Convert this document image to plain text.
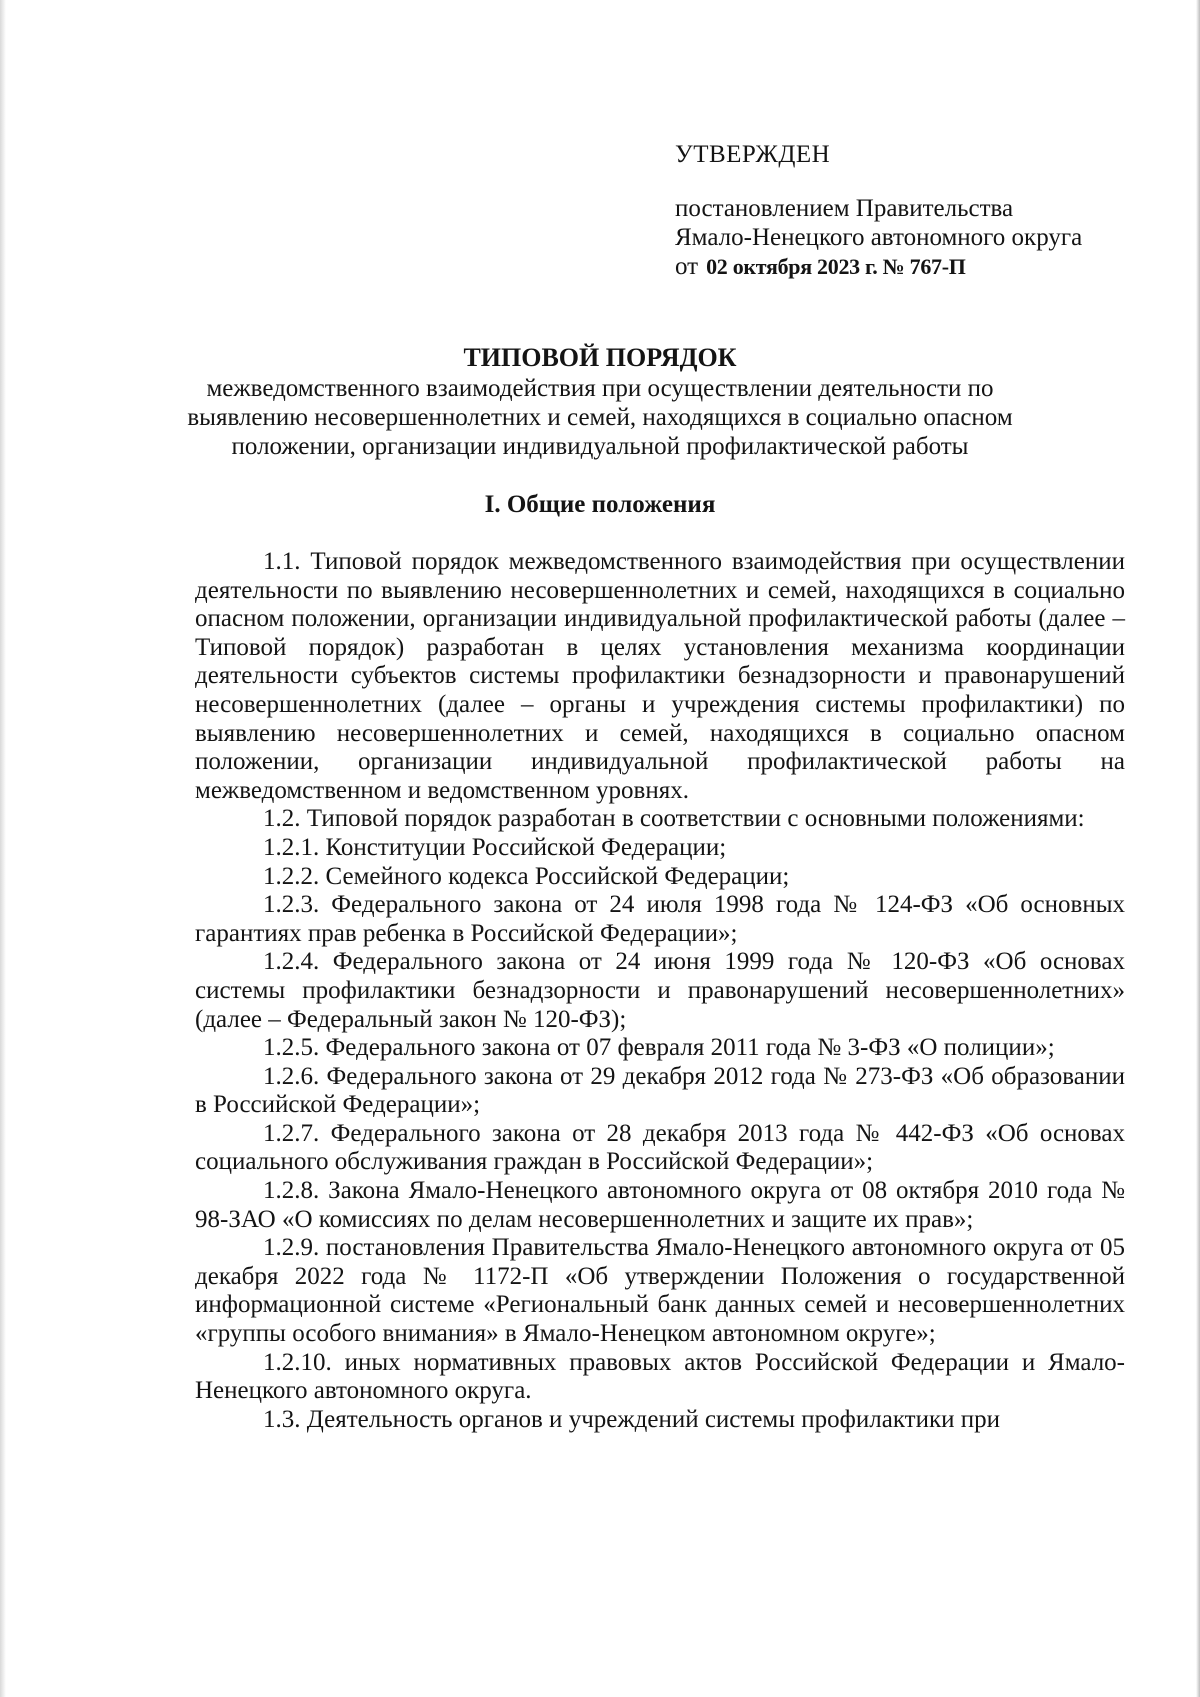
УТВЕРЖДЕН

постановлением Правительства

Ямало-Ненецкого автономного округа

от 02 октября 2023 г. № 767-П

ТИПОВОЙ ПОРЯДОК

межведомственного взаимодействия при осуществлении деятельности по выявлению несовершеннолетних и семей, находящихся в социально опасном положении, организации индивидуальной профилактической работы

I. Общие положения

1.1. Типовой порядок межведомственного взаимодействия при осуществлении деятельности по выявлению несовершеннолетних и семей, находящихся в социально опасном положении, организации индивидуальной профилактической работы (далее – Типовой порядок) разработан в целях установления механизма координации деятельности субъектов системы профилактики безнадзорности и правонарушений несовершеннолетних (далее – органы и учреждения системы профилактики) по выявлению несовершеннолетних и семей, находящихся в социально опасном положении, организации индивидуальной профилактической работы на межведомственном и ведомственном уровнях.

1.2. Типовой порядок разработан в соответствии с основными положениями:

1.2.1. Конституции Российской Федерации;

1.2.2. Семейного кодекса Российской Федерации;

1.2.3. Федерального закона от 24 июля 1998 года № 124-ФЗ «Об основных гарантиях прав ребенка в Российской Федерации»;

1.2.4. Федерального закона от 24 июня 1999 года № 120-ФЗ «Об основах системы профилактики безнадзорности и правонарушений несовершеннолетних» (далее – Федеральный закон № 120-ФЗ);

1.2.5. Федерального закона от 07 февраля 2011 года № 3-ФЗ «О полиции»;

1.2.6. Федерального закона от 29 декабря 2012 года № 273-ФЗ «Об образовании в Российской Федерации»;

1.2.7. Федерального закона от 28 декабря 2013 года № 442-ФЗ «Об основах социального обслуживания граждан в Российской Федерации»;

1.2.8. Закона Ямало-Ненецкого автономного округа от 08 октября 2010 года № 98-ЗАО «О комиссиях по делам несовершеннолетних и защите их прав»;

1.2.9. постановления Правительства Ямало-Ненецкого автономного округа от 05 декабря 2022 года № 1172-П «Об утверждении Положения о государственной информационной системе «Региональный банк данных семей и несовершеннолетних «группы особого внимания» в Ямало-Ненецком автономном округе»;

1.2.10. иных нормативных правовых актов Российской Федерации и Ямало-Ненецкого автономного округа.

1.3. Деятельность органов и учреждений системы профилактики при
